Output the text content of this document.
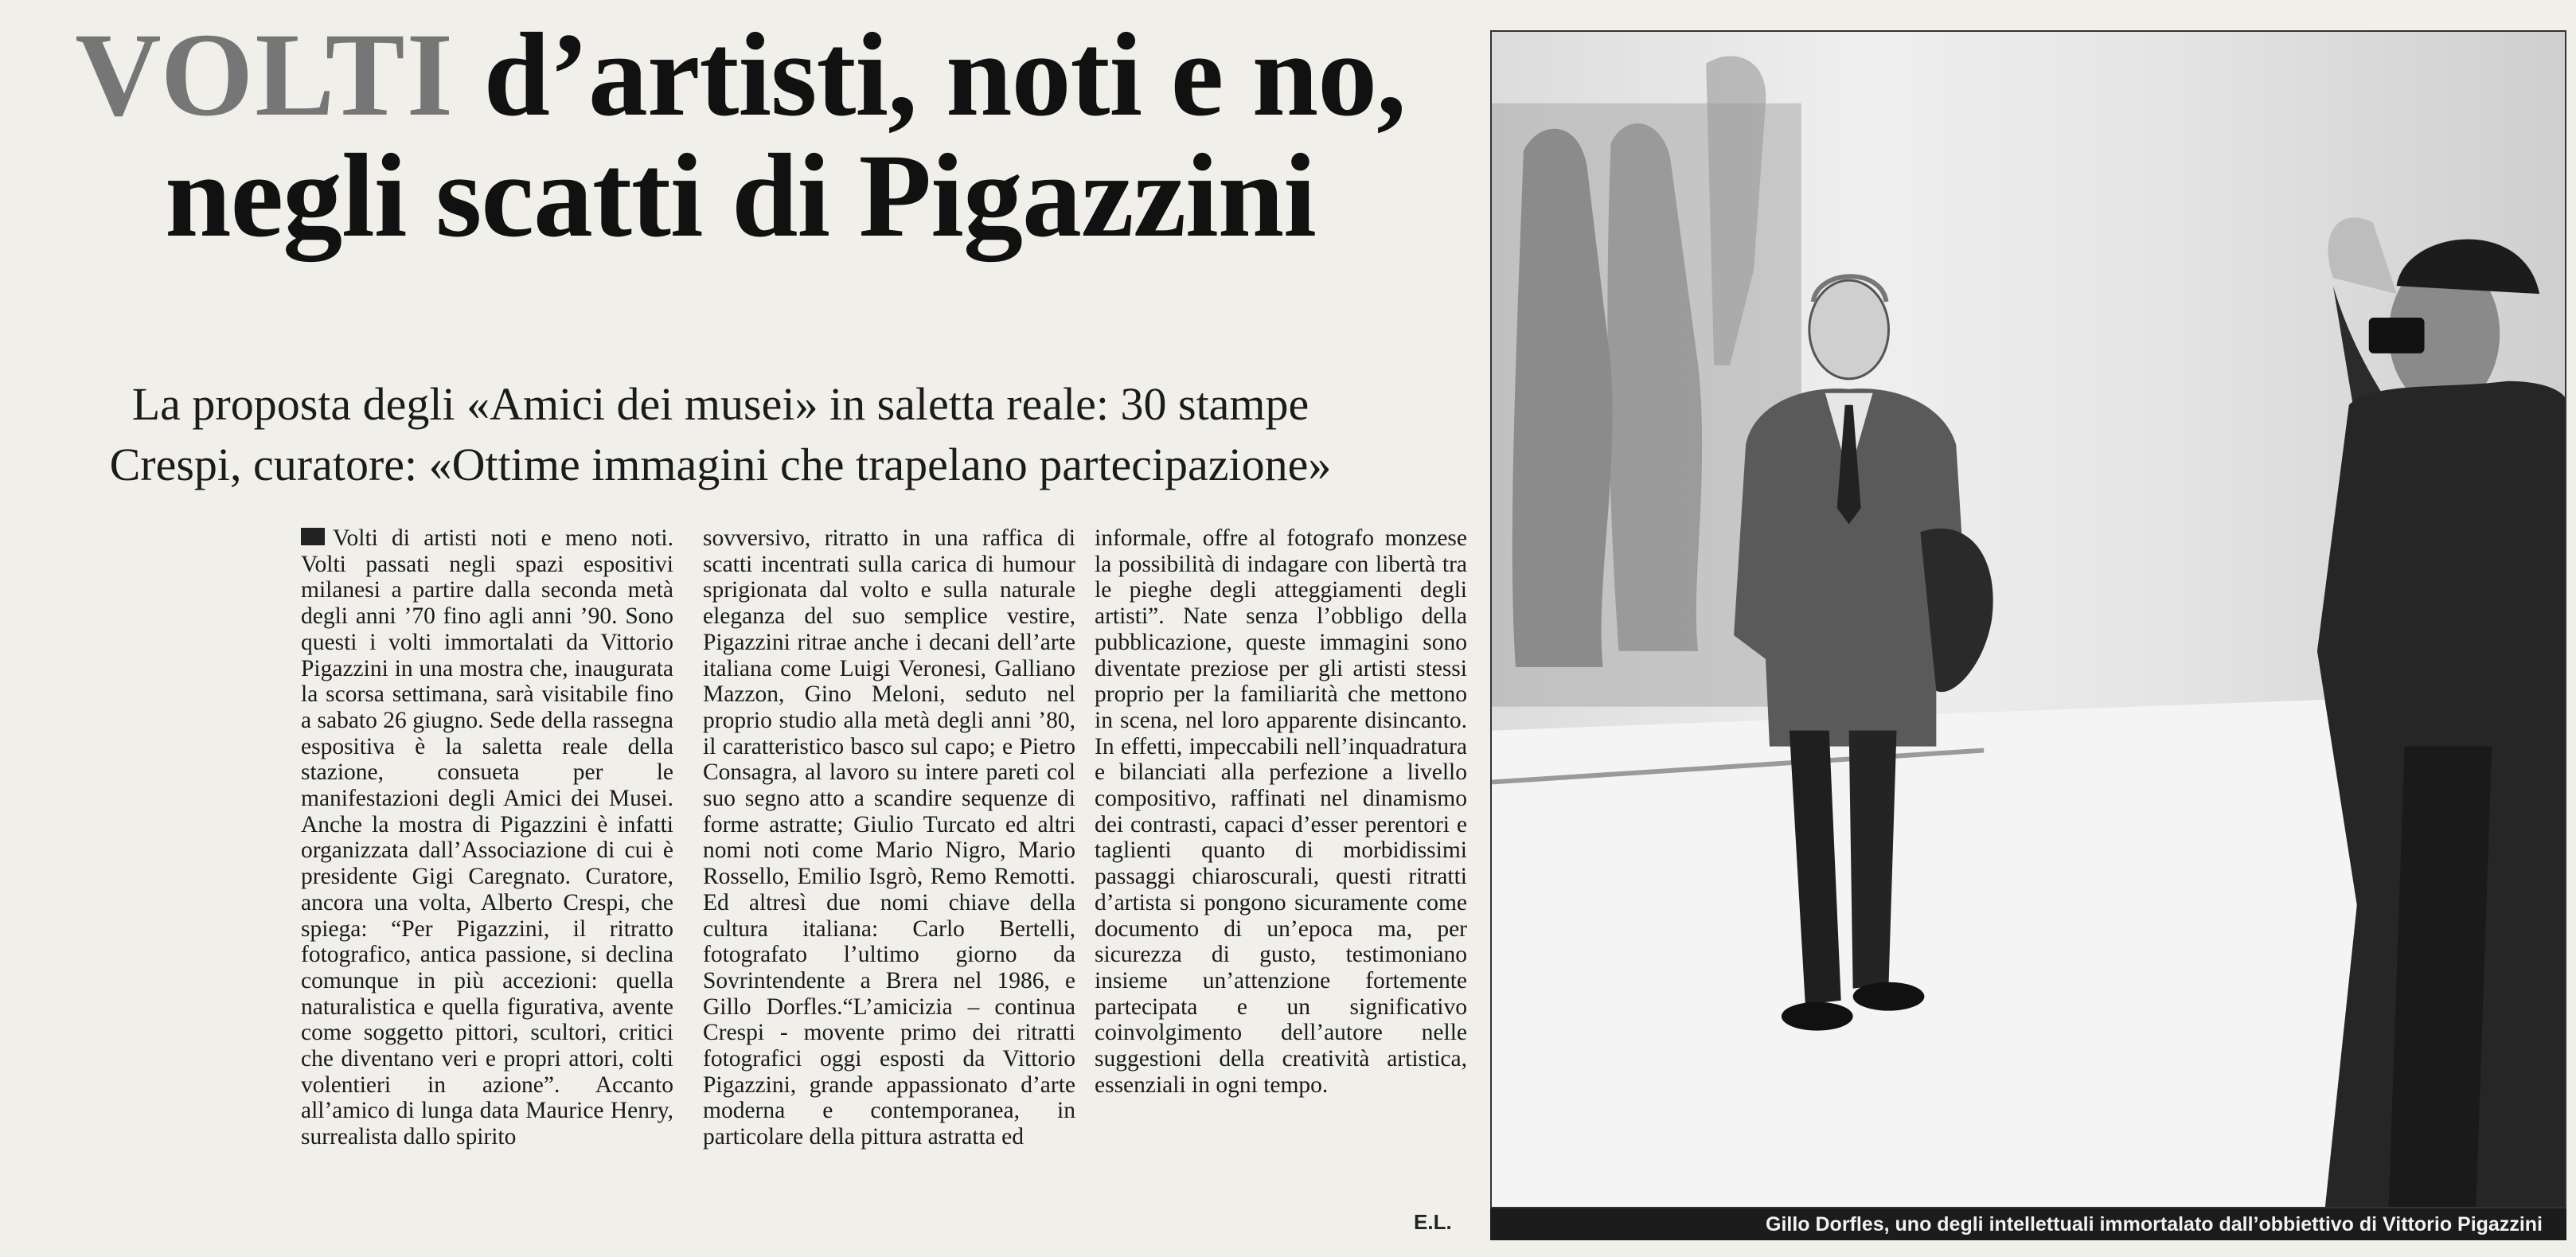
VOLTI d’artisti, noti e no, negli scatti di Pigazzini
La proposta degli «Amici dei musei» in saletta reale: 30 stampe
Crespi, curatore: «Ottime immagini che trapelano partecipazione»

Volti di artisti noti e meno noti. Volti passati negli spazi espositivi milanesi a partire dalla seconda metà degli anni ’70 fino agli anni ’90. Sono questi i volti immortalati da Vittorio Pigazzini in una mostra che, inaugurata la scorsa settimana, sarà visitabile fino a sabato 26 giugno. Sede della rassegna espositiva è la saletta reale della stazione, consueta per le manifestazioni degli Amici dei Musei. Anche la mostra di Pigazzini è infatti organizzata dall’Associazione di cui è presidente Gigi Caregnato. Curatore, ancora una volta, Alberto Crespi, che spiega: “Per Pigazzini, il ritratto fotografico, antica passione, si declina comunque in più accezioni: quella naturalistica e quella figurativa, avente come soggetto pittori, scultori, critici che diventano veri e propri attori, colti volentieri in azione”. Accanto all’amico di lunga data Maurice Henry, surrealista dallo spirito

sovversivo, ritratto in una raffica di scatti incentrati sulla carica di humour sprigionata dal volto e sulla naturale eleganza del suo semplice vestire, Pigazzini ritrae anche i decani dell’arte italiana come Luigi Veronesi, Galliano Mazzon, Gino Meloni, seduto nel proprio studio alla metà degli anni ’80, il caratteristico basco sul capo; e Pietro Consagra, al lavoro su intere pareti col suo segno atto a scandire sequenze di forme astratte; Giulio Turcato ed altri nomi noti come Mario Nigro, Mario Rossello, Emilio Isgrò, Remo Remotti. Ed altresì due nomi chiave della cultura italiana: Carlo Bertelli, fotografato l’ultimo giorno da Sovrintendente a Brera nel 1986, e Gillo Dorfles.“L’amicizia – continua Crespi - movente primo dei ritratti fotografici oggi esposti da Vittorio Pigazzini, grande appassionato d’arte moderna e contemporanea, in particolare della pittura astratta ed

informale, offre al fotografo monzese la possibilità di indagare con libertà tra le pieghe degli atteggiamenti degli artisti”. Nate senza l’obbligo della pubblicazione, queste immagini sono diventate preziose per gli artisti stessi proprio per la familiarità che mettono in scena, nel loro apparente disincanto. In effetti, impeccabili nell’inquadratura e bilanciati alla perfezione a livello compositivo, raffinati nel dinamismo dei contrasti, capaci d’esser perentori e taglienti quanto di morbidissimi passaggi chiaroscurali, questi ritratti d’artista si pongono sicuramente come documento di un’epoca ma, per sicurezza di gusto, testimoniano insieme un’attenzione fortemente partecipata e un significativo coinvolgimento dell’autore nelle suggestioni della creatività artistica, essenziali in ogni tempo.

E.L.	Gillo Dorfles, uno degli intellettuali immortalato dall’obbiettivo di Vittorio Pigazzini
